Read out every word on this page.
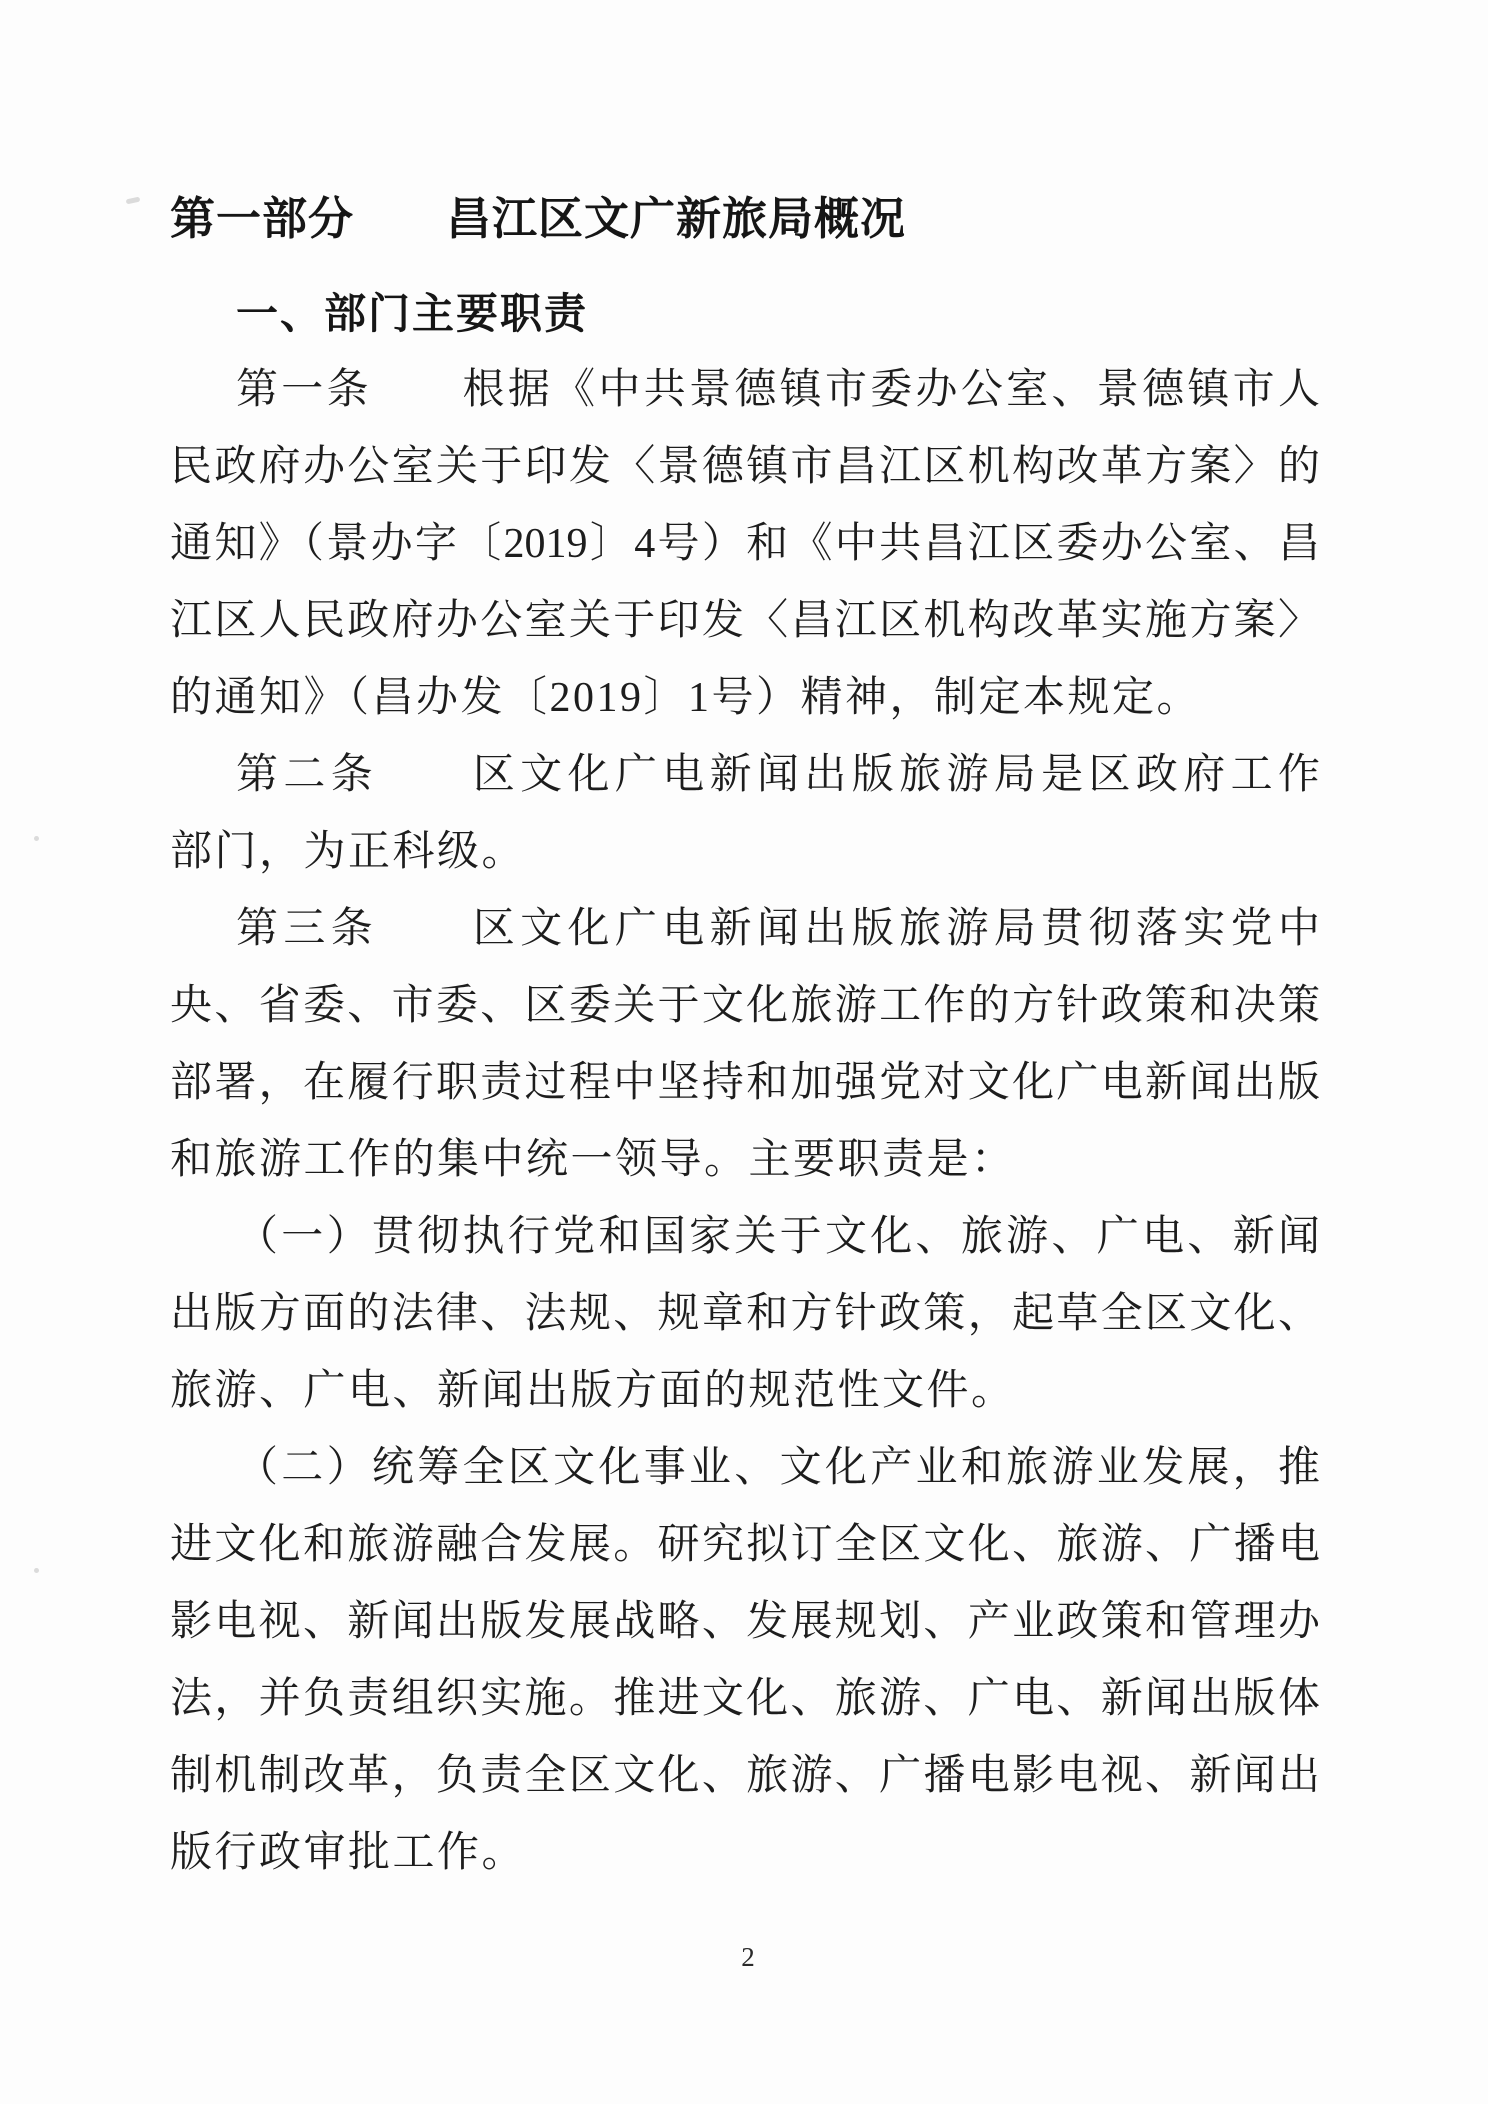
第一部分　　昌江区文广新旅局概况
一、部门主要职责
第一条　　根据《中共景德镇市委办公室、景德镇市人
民政府办公室关于印发〈景德镇市昌江区机构改革方案〉的
通知》（景办字〔2019〕4号）和《中共昌江区委办公室、昌
江区人民政府办公室关于印发〈昌江区机构改革实施方案〉
的通知》（昌办发〔2019〕1号）精神，制定本规定。
第二条　　区文化广电新闻出版旅游局是区政府工作
部门，为正科级。
第三条　　区文化广电新闻出版旅游局贯彻落实党中
央、省委、市委、区委关于文化旅游工作的方针政策和决策
部署，在履行职责过程中坚持和加强党对文化广电新闻出版
和旅游工作的集中统一领导。主要职责是：
（一）贯彻执行党和国家关于文化、旅游、广电、新闻
出版方面的法律、法规、规章和方针政策，起草全区文化、
旅游、广电、新闻出版方面的规范性文件。
（二）统筹全区文化事业、文化产业和旅游业发展，推
进文化和旅游融合发展。研究拟订全区文化、旅游、广播电
影电视、新闻出版发展战略、发展规划、产业政策和管理办
法，并负责组织实施。推进文化、旅游、广电、新闻出版体
制机制改革，负责全区文化、旅游、广播电影电视、新闻出
版行政审批工作。
2
